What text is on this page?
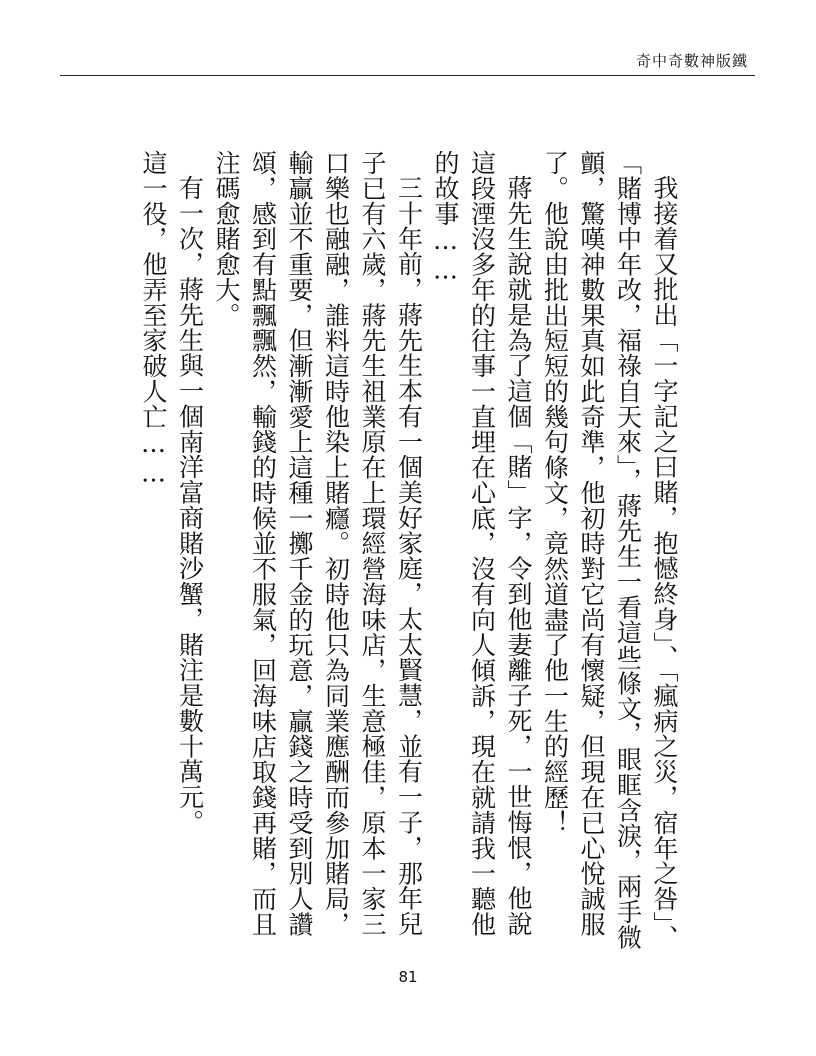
奇中奇數神版鐵

我接着又批出「一字記之曰賭，抱憾終身」、「瘋病之災，宿年之咎」、「賭博中年改，福祿自天來」，蔣先生一看這些條文，眼眶含淚，兩手微顫，驚嘆神數果真如此奇準，他初時對它尚有懷疑，但現在已心悅誠服了。他說由批出短短的幾句條文，竟然道盡了他一生的經歷！

蔣先生說就是為了這個「賭」字，令到他妻離子死，一世悔恨，他說這段湮沒多年的往事一直埋在心底，沒有向人傾訴，現在就請我一聽他的故事……

三十年前，蔣先生本有一個美好家庭，太太賢慧，並有一子，那年兒子已有六歲，蔣先生祖業原在上環經營海味店，生意極佳，原本一家三口樂也融融，誰料這時他染上賭癮。初時他只為同業應酬而參加賭局，輸贏並不重要，但漸漸愛上這種一擲千金的玩意，贏錢之時受到別人讚頌，感到有點飄飄然，輸錢的時候並不服氣，回海味店取錢再賭，而且注碼愈賭愈大。

有一次，蔣先生與一個南洋富商賭沙蟹，賭注是數十萬元。

這一役，他弄至家破人亡……

81
